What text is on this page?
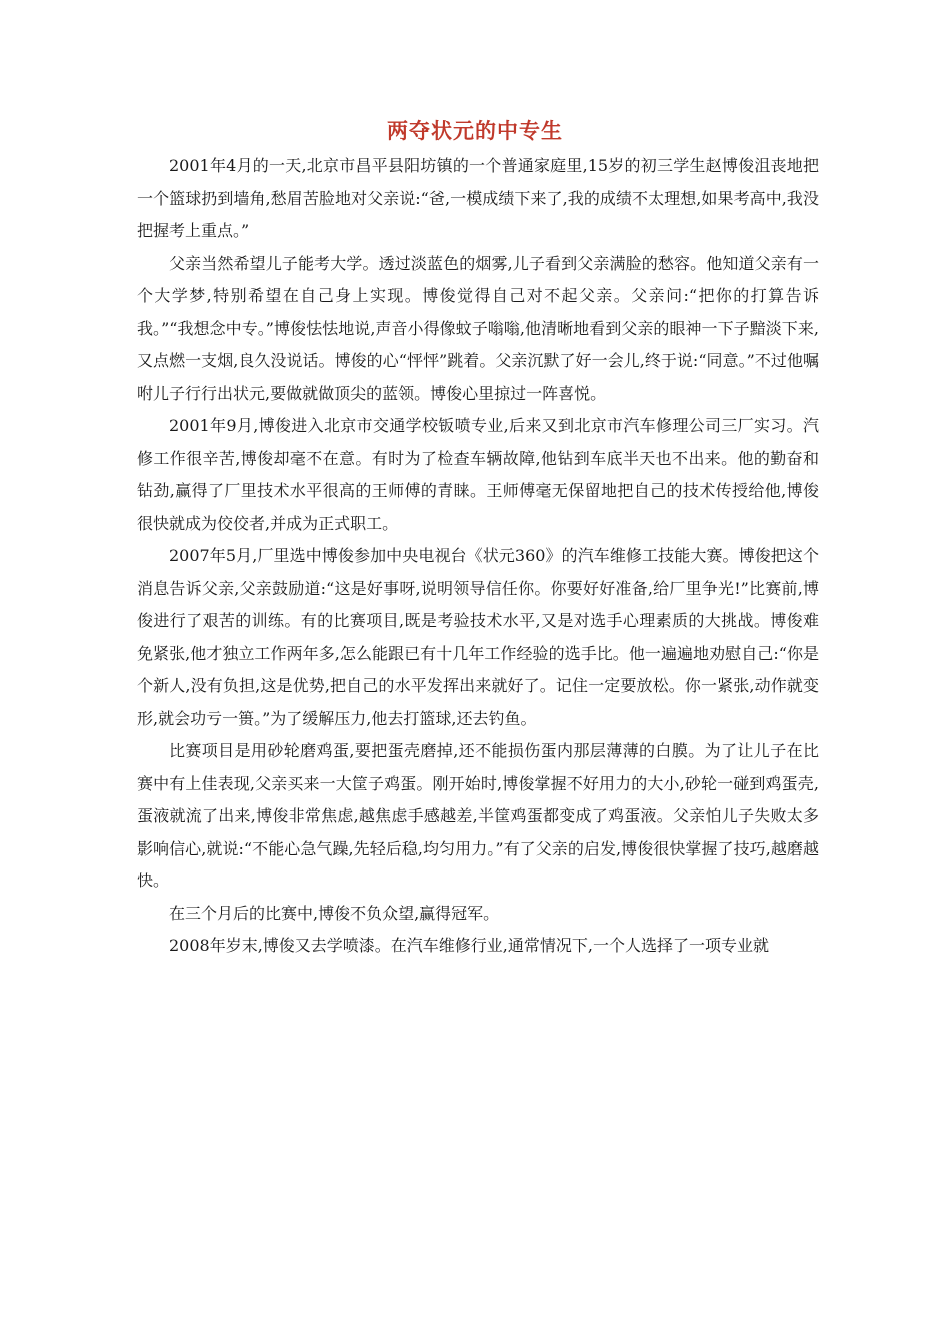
两夺状元的中专生

2001年4月的一天,北京市昌平县阳坊镇的一个普通家庭里,15岁的初三学生赵博俊沮丧地把一个篮球扔到墙角,愁眉苦脸地对父亲说:“爸,一模成绩下来了,我的成绩不太理想,如果考高中,我没把握考上重点。”

父亲当然希望儿子能考大学。透过淡蓝色的烟雾,儿子看到父亲满脸的愁容。他知道父亲有一个大学梦,特别希望在自己身上实现。博俊觉得自己对不起父亲。父亲问:“把你的打算告诉我。”“我想念中专。”博俊怯怯地说,声音小得像蚊子嗡嗡,他清晰地看到父亲的眼神一下子黯淡下来,又点燃一支烟,良久没说话。博俊的心“怦怦”跳着。父亲沉默了好一会儿,终于说:“同意。”不过他嘱咐儿子行行出状元,要做就做顶尖的蓝领。博俊心里掠过一阵喜悦。

2001年9月,博俊进入北京市交通学校钣喷专业,后来又到北京市汽车修理公司三厂实习。汽修工作很辛苦,博俊却毫不在意。有时为了检查车辆故障,他钻到车底半天也不出来。他的勤奋和钻劲,赢得了厂里技术水平很高的王师傅的青睐。王师傅毫无保留地把自己的技术传授给他,博俊很快就成为佼佼者,并成为正式职工。

2007年5月,厂里选中博俊参加中央电视台《状元360》的汽车维修工技能大赛。博俊把这个消息告诉父亲,父亲鼓励道:“这是好事呀,说明领导信任你。你要好好准备,给厂里争光!”比赛前,博俊进行了艰苦的训练。有的比赛项目,既是考验技术水平,又是对选手心理素质的大挑战。博俊难免紧张,他才独立工作两年多,怎么能跟已有十几年工作经验的选手比。他一遍遍地劝慰自己:“你是个新人,没有负担,这是优势,把自己的水平发挥出来就好了。记住一定要放松。你一紧张,动作就变形,就会功亏一篑。”为了缓解压力,他去打篮球,还去钓鱼。

比赛项目是用砂轮磨鸡蛋,要把蛋壳磨掉,还不能损伤蛋内那层薄薄的白膜。为了让儿子在比赛中有上佳表现,父亲买来一大筐子鸡蛋。刚开始时,博俊掌握不好用力的大小,砂轮一碰到鸡蛋壳,蛋液就流了出来,博俊非常焦虑,越焦虑手感越差,半筐鸡蛋都变成了鸡蛋液。父亲怕儿子失败太多影响信心,就说:“不能心急气躁,先轻后稳,均匀用力。”有了父亲的启发,博俊很快掌握了技巧,越磨越快。

在三个月后的比赛中,博俊不负众望,赢得冠军。

2008年岁末,博俊又去学喷漆。在汽车维修行业,通常情况下,一个人选择了一项专业就
